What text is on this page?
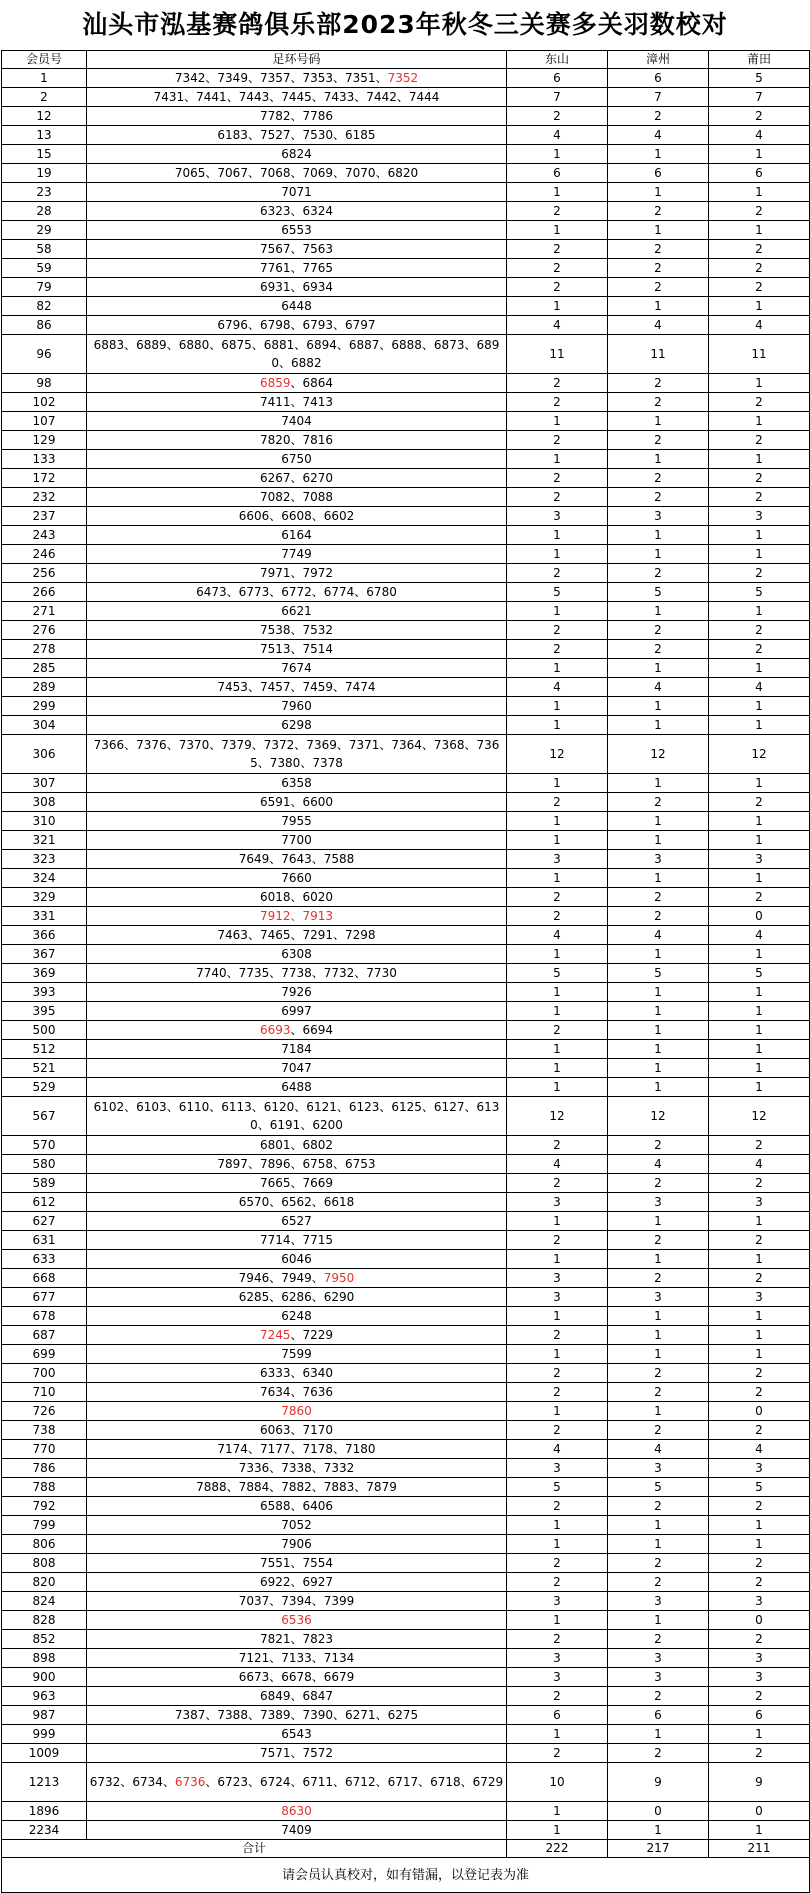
汕头市泓基赛鸽俱乐部2023年秋冬三关赛多关羽数校对
会员号	足环号码	东山	漳州	莆田
1	7342、7349、7357、7353、7351、7352	6	6	5
2	7431、7441、7443、7445、7433、7442、7444	7	7	7
12	7782、7786	2	2	2
13	6183、7527、7530、6185	4	4	4
15	6824	1	1	1
19	7065、7067、7068、7069、7070、6820	6	6	6
23	7071	1	1	1
28	6323、6324	2	2	2
29	6553	1	1	1
58	7567、7563	2	2	2
59	7761、7765	2	2	2
79	6931、6934	2	2	2
82	6448	1	1	1
86	6796、6798、6793、6797	4	4	4
96	6883、6889、6880、6875、6881、6894、6887、6888、6873、6890、6882	11	11	11
98	6859、6864	2	2	1
102	7411、7413	2	2	2
107	7404	1	1	1
129	7820、7816	2	2	2
133	6750	1	1	1
172	6267、6270	2	2	2
232	7082、7088	2	2	2
237	6606、6608、6602	3	3	3
243	6164	1	1	1
246	7749	1	1	1
256	7971、7972	2	2	2
266	6473、6773、6772、6774、6780	5	5	5
271	6621	1	1	1
276	7538、7532	2	2	2
278	7513、7514	2	2	2
285	7674	1	1	1
289	7453、7457、7459、7474	4	4	4
299	7960	1	1	1
304	6298	1	1	1
306	7366、7376、7370、7379、7372、7369、7371、7364、7368、7365、7380、7378	12	12	12
307	6358	1	1	1
308	6591、6600	2	2	2
310	7955	1	1	1
321	7700	1	1	1
323	7649、7643、7588	3	3	3
324	7660	1	1	1
329	6018、6020	2	2	2
331	7912、7913	2	2	0
366	7463、7465、7291、7298	4	4	4
367	6308	1	1	1
369	7740、7735、7738、7732、7730	5	5	5
393	7926	1	1	1
395	6997	1	1	1
500	6693、6694	2	1	1
512	7184	1	1	1
521	7047	1	1	1
529	6488	1	1	1
567	6102、6103、6110、6113、6120、6121、6123、6125、6127、6130、6191、6200	12	12	12
570	6801、6802	2	2	2
580	7897、7896、6758、6753	4	4	4
589	7665、7669	2	2	2
612	6570、6562、6618	3	3	3
627	6527	1	1	1
631	7714、7715	2	2	2
633	6046	1	1	1
668	7946、7949、7950	3	2	2
677	6285、6286、6290	3	3	3
678	6248	1	1	1
687	7245、7229	2	1	1
699	7599	1	1	1
700	6333、6340	2	2	2
710	7634、7636	2	2	2
726	7860	1	1	0
738	6063、7170	2	2	2
770	7174、7177、7178、7180	4	4	4
786	7336、7338、7332	3	3	3
788	7888、7884、7882、7883、7879	5	5	5
792	6588、6406	2	2	2
799	7052	1	1	1
806	7906	1	1	1
808	7551、7554	2	2	2
820	6922、6927	2	2	2
824	7037、7394、7399	3	3	3
828	6536	1	1	0
852	7821、7823	2	2	2
898	7121、7133、7134	3	3	3
900	6673、6678、6679	3	3	3
963	6849、6847	2	2	2
987	7387、7388、7389、7390、6271、6275	6	6	6
999	6543	1	1	1
1009	7571、7572	2	2	2
1213	6732、6734、6736、6723、6724、6711、6712、6717、6718、6729	10	9	9
1896	8630	1	0	0
2234	7409	1	1	1
合计		222	217	211
请会员认真校对，如有错漏，以登记表为准				
